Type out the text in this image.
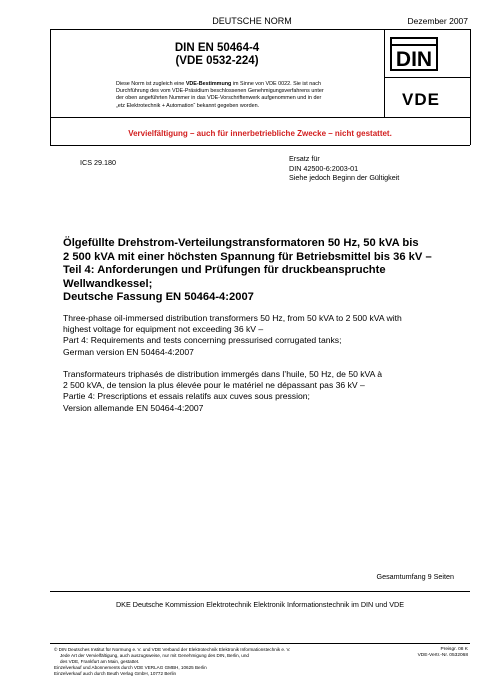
DEUTSCHE NORM	Dezember 2007
DIN EN 50464-4
(VDE 0532-224)	DIN
VDE
Diese Norm ist zugleich eine VDE-Bestimmung im Sinne von VDE 0022. Sie ist nach
Durchführung des vom VDE-Präsidium beschlossenen Genehmigungsverfahrens unter
der oben angeführten Nummer in das VDE-Vorschriftenwerk aufgenommen und in der
„etz Elektrotechnik + Automation“ bekannt gegeben worden.
Vervielfältigung – auch für innerbetriebliche Zwecke – nicht gestattet.
ICS 29.180	Ersatz für
DIN 42500-6:2003-01
Siehe jedoch Beginn der Gültigkeit
Ölgefüllte Drehstrom-Verteilungstransformatoren 50 Hz, 50 kVA bis
2 500 kVA mit einer höchsten Spannung für Betriebsmittel bis 36 kV –
Teil 4: Anforderungen und Prüfungen für druckbeanspruchte
Wellwandkessel;
Deutsche Fassung EN 50464-4:2007
Three-phase oil-immersed distribution transformers 50 Hz, from 50 kVA to 2 500 kVA with
highest voltage for equipment not exceeding 36 kV –
Part 4: Requirements and tests concerning pressurised corrugated tanks;
German version EN 50464-4:2007
Transformateurs triphasés de distribution immergés dans l’huile, 50 Hz, de 50 kVA à
2 500 kVA, de tension la plus élevée pour le matériel ne dépassant pas 36 kV –
Partie 4: Prescriptions et essais relatifs aux cuves sous pression;
Version allemande EN 50464-4:2007
Gesamtumfang 9 Seiten
DKE Deutsche Kommission Elektrotechnik Elektronik Informationstechnik im DIN und VDE
© DIN Deutsches Institut für Normung e. V. und VDE Verband der Elektrotechnik Elektronik Informationstechnik e. V.
Jede Art der Vervielfältigung, auch auszugsweise, nur mit Genehmigung des DIN, Berlin, und
des VDE, Frankfurt am Main, gestattet.
Einzelverkauf und Abonnements durch VDE VERLAG GMBH, 10625 Berlin
Einzelverkauf auch durch Beuth Verlag GmbH, 10772 Berlin
Preisgr. 08 K
VDE-Vertr.-Nr. 0532068
